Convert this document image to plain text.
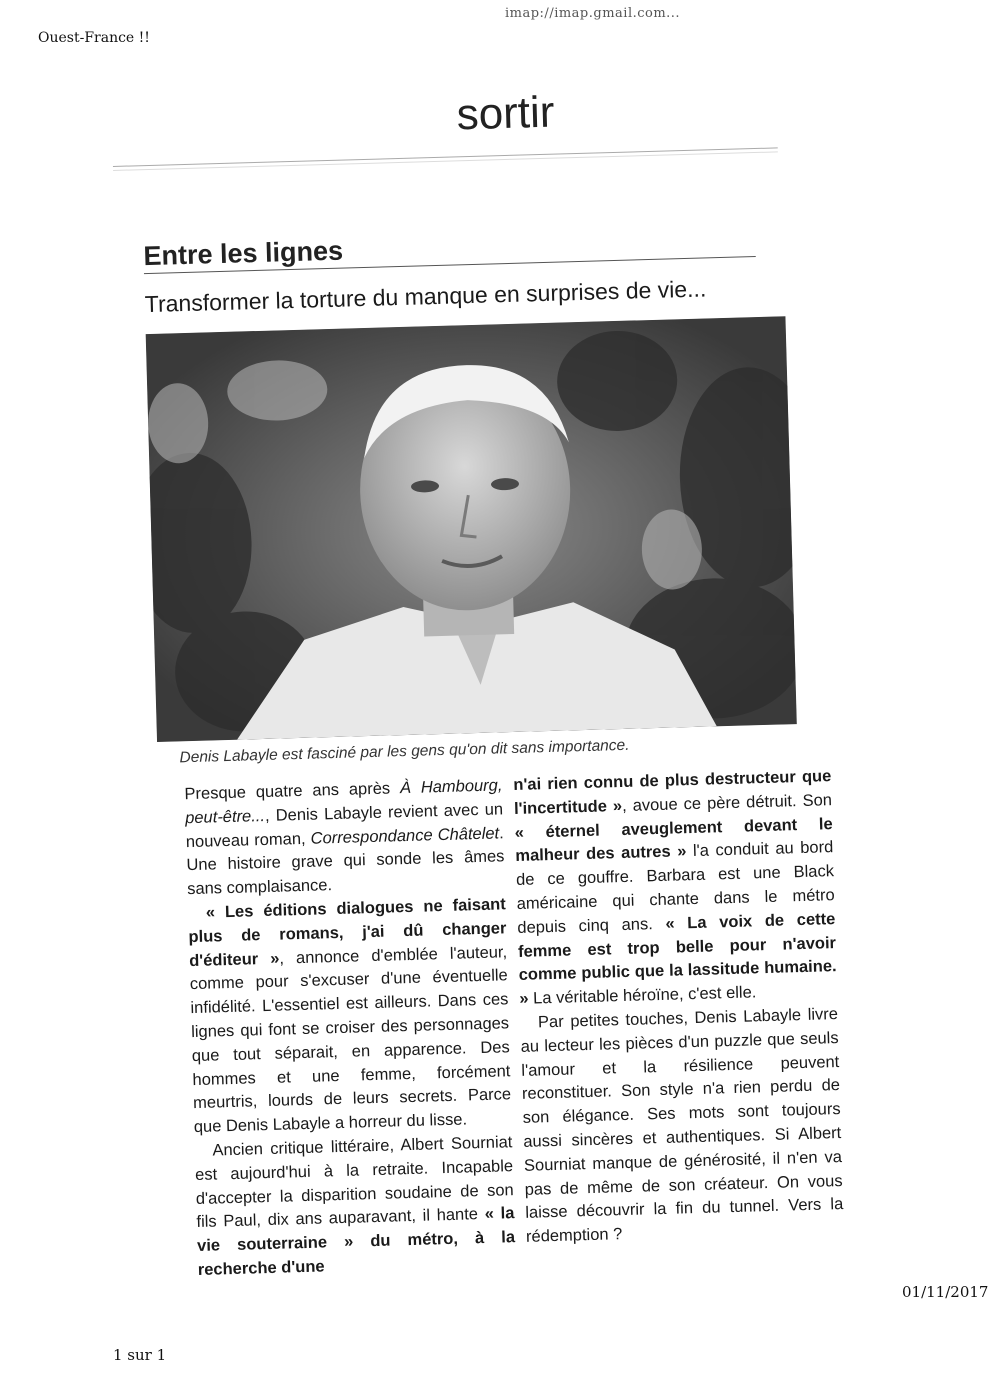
Ouest-France !!
imap://imap.gmail.com...
sortir
Entre les lignes
Transformer la torture du manque en surprises de vie...
Denis Labayle est fasciné par les gens qu'on dit sans importance.

Presque quatre ans après À Hambourg, peut-être..., Denis Labayle revient avec un nouveau roman, Correspondance Châtelet. Une histoire grave qui sonde les âmes sans complaisance.

« Les éditions dialogues ne faisant plus de romans, j'ai dû changer d'éditeur », annonce d'emblée l'auteur, comme pour s'excuser d'une éventuelle infidélité. L'essentiel est ailleurs. Dans ces lignes qui font se croiser des personnages que tout séparait, en apparence. Des hommes et une femme, forcément meurtris, lourds de leurs secrets. Parce que Denis Labayle a horreur du lisse.

Ancien critique littéraire, Albert Sourniat est aujourd'hui à la retraite. Incapable d'accepter la disparition soudaine de son fils Paul, dix ans auparavant, il hante « la vie souterraine » du métro, à la recherche d'une

n'ai rien connu de plus destructeur que l'incertitude », avoue ce père détruit. Son « éternel aveuglement devant le malheur des autres » l'a conduit au bord de ce gouffre. Barbara est une Black américaine qui chante dans le métro depuis cinq ans. « La voix de cette femme est trop belle pour n'avoir comme public que la lassitude humaine. » La véritable héroïne, c'est elle.

Par petites touches, Denis Labayle livre au lecteur les pièces d'un puzzle que seuls l'amour et la résilience peuvent reconstituer. Son style n'a rien perdu de son élégance. Ses mots sont toujours aussi sincères et authentiques. Si Albert Sourniat manque de générosité, il n'en va pas de même de son créateur. On vous laisse découvrir la fin du tunnel. Vers la rédemption ?

01/11/2017
1 sur 1
